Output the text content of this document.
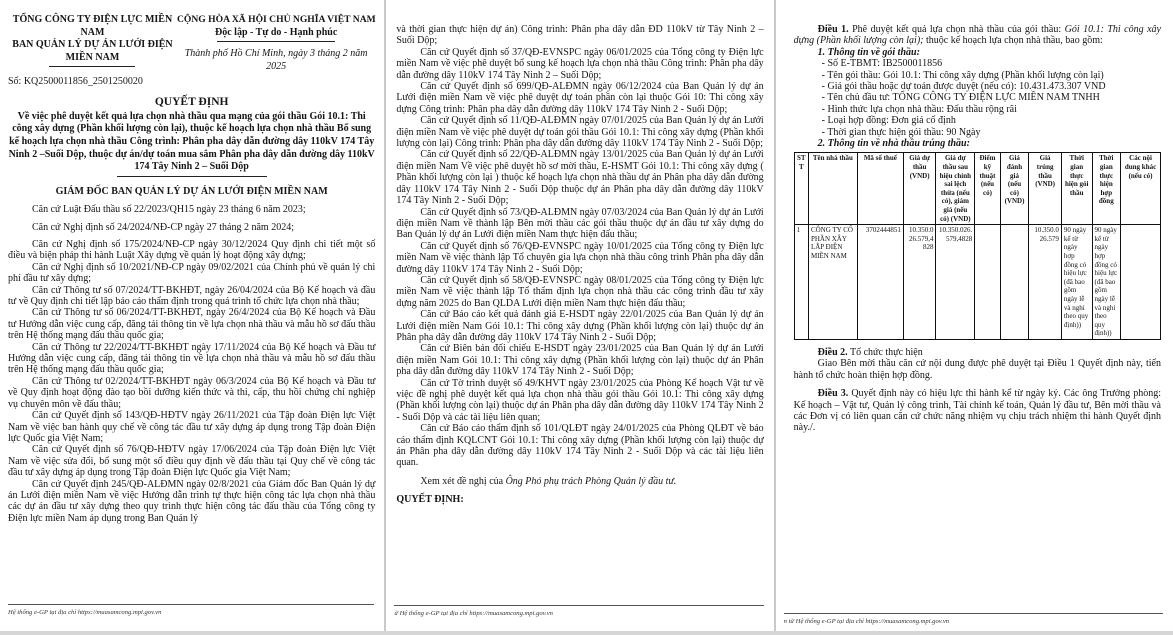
TỔNG CÔNG TY ĐIỆN LỰC MIỀN NAM
BAN QUẢN LÝ DỰ ÁN LƯỚI ĐIỆN MIỀN NAM
Số: KQ2500011856_2501250020
CỘNG HÒA XÃ HỘI CHỦ NGHĨA VIỆT NAM
Độc lập - Tự do - Hạnh phúc
Thành phố Hồ Chí Minh, ngày 3 tháng 2 năm 2025
QUYẾT ĐỊNH
Về việc phê duyệt kết quả lựa chọn nhà thầu qua mạng của gói thầu Gói 10.1: Thi công xây dựng (Phần khối lượng còn lại), thuộc kế hoạch lựa chọn nhà thầu Bổ sung kế hoạch lựa chọn nhà thầu Công trình: Phân pha dây dẫn đường dây 110kV 174 Tây Ninh 2 –Suối Dộp, thuộc dự án/dự toán mua sắm Phân pha dây dẫn đường dây 110kV 174 Tây Ninh 2 – Suối Dộp
GIÁM ĐỐC BAN QUẢN LÝ DỰ ÁN LƯỚI ĐIỆN MIỀN NAM

Căn cứ Luật Đấu thầu số 22/2023/QH15 ngày 23 tháng 6 năm 2023;

Căn cứ Nghị định số 24/2024/NĐ-CP ngày 27 tháng 2 năm 2024;

Căn cứ Nghị định số 175/2024/NĐ-CP ngày 30/12/2024 Quy định chi tiết một số điều và biện pháp thi hành Luật Xây dựng về quản lý hoạt động xây dựng;

Căn cứ Nghị định số 10/2021/NĐ-CP ngày 09/02/2021 của Chính phủ về quản lý chi phí đầu tư xây dựng;

Căn cứ Thông tư số 07/2024/TT-BKHĐT, ngày 26/04/2024 của Bộ Kế hoạch và đầu tư về Quy định chi tiết lập báo cáo thẩm định trong quá trình tổ chức lựa chọn nhà thầu;

Căn cứ Thông tư số 06/2024/TT-BKHĐT, ngày 26/4/2024 của Bộ Kế hoạch và Đầu tư Hướng dẫn việc cung cấp, đăng tải thông tin về lựa chọn nhà thầu và mẫu hồ sơ đấu thầu trên Hệ thống mạng đấu thầu quốc gia;

Căn cứ Thông tư 22/2024/TT-BKHĐT ngày 17/11/2024 của Bộ Kế hoạch và Đầu tư Hướng dẫn việc cung cấp, đăng tải thông tin về lựa chọn nhà thầu và mẫu hồ sơ đấu thầu trên Hệ thống mạng đấu thầu quốc gia;

Căn cứ Thông tư 02/2024/TT-BKHĐT ngày 06/3/2024 của Bộ Kế hoạch và Đầu tư về Quy định hoạt động đào tạo bồi dưỡng kiến thức và thi, cấp, thu hồi chứng chỉ nghiệp vụ chuyên môn về đấu thầu;

Căn cứ Quyết định số 143/QĐ-HĐTV ngày 26/11/2021 của Tập đoàn Điện lực Việt Nam về việc ban hành quy chế về công tác đầu tư xây dựng áp dụng trong Tập đoàn Điện lực Quốc gia Việt Nam;

Căn cứ Quyết định số 76/QĐ-HĐTV ngày 17/06/2024 của Tập đoàn Điện lực Việt Nam về việc sửa đổi, bổ sung một số điều quy định về đấu thầu tại Quy chế về công tác đầu tư xây dựng áp dụng trong Tập đoàn Điện lực Quốc gia Việt Nam;

Căn cứ Quyết định 245/QĐ-ALĐMN ngày 02/8/2021 của Giám đốc Ban Quản lý dự án Lưới điện miền Nam về việc Hướng dẫn trình tự thực hiện công tác lựa chọn nhà thầu các dự án đầu tư xây dựng theo quy trình thực hiện công tác đấu thầu của Tổng công ty Điện lực miền Nam áp dụng trong Ban Quản lý

Hệ thống e-GP tại địa chỉ https://muasamcong.mpi.gov.vn

và thời gian thực hiện dự án) Công trình: Phân pha dây dẫn ĐD 110kV từ Tây Ninh 2 – Suối Dộp;

Căn cứ Quyết định số 37/QĐ-EVNSPC ngày 06/01/2025 của Tổng công ty Điện lực miền Nam về việc phê duyệt bổ sung kế hoạch lựa chọn nhà thầu Công trình: Phân pha dây dẫn đường dây 110kV 174 Tây Ninh 2 – Suối Dộp;

Căn cứ Quyết định số 699/QĐ-ALĐMN ngày 06/12/2024 của Ban Quản lý dự án Lưới điện miền Nam về việc phê duyệt dự toán phần còn lại thuộc Gói 10: Thi công xây dựng Công trình: Phân pha dây dẫn đường dây 110kV 174 Tây Ninh 2 - Suối Dộp;

Căn cứ Quyết định số 11/QĐ-ALĐMN ngày 07/01/2025 của Ban Quản lý dự án Lưới điện miền Nam về việc phê duyệt dự toán gói thầu Gói 10.1: Thi công xây dựng (Phần khối lượng còn lại) Công trình: Phân pha dây dẫn đường dây 110kV 174 Tây Ninh 2 - Suối Dộp;

Căn cứ Quyết định số 22/QĐ-ALĐMN ngày 13/01/2025 của Ban Quản lý dự án Lưới điện miền Nam Về việc phê duyệt hồ sơ mời thầu, E-HSMT Gói 10.1: Thi công xây dựng ( Phần khối lượng còn lại ) thuộc kế hoạch lựa chọn nhà thầu dự án Phân pha dây dẫn đường dây 110kV 174 Tây Ninh 2 - Suối Dộp thuộc dự án Phân pha dây dẫn đường dây 110kV 174 Tây Ninh 2 - Suối Dộp;

Căn cứ Quyết định số 73/QĐ-ALĐMN ngày 07/03/2024 của Ban Quản lý dự án Lưới điện miền Nam về thành lập Bên mời thầu các gói thầu thuộc dự án đầu tư xây dựng do Ban Quản lý dự án Lưới điện miền Nam thực hiện đấu thầu;

Căn cứ Quyết định số 76/QĐ-EVNSPC ngày 10/01/2025 của Tổng công ty Điện lực miền Nam về việc thành lập Tổ chuyên gia lựa chọn nhà thầu công trình Phân pha dây dẫn đường dây 110kV 174 Tây Ninh 2 - Suối Dộp;

Căn cứ Quyết định số 58/QĐ-EVNSPC ngày 08/01/2025 của Tổng công ty Điện lực miền Nam về việc thành lập Tổ thẩm định lựa chọn nhà thầu các công trình đầu tư xây dựng năm 2025 do Ban QLDA Lưới điện miền Nam thực hiện đấu thầu;

Căn cứ Báo cáo kết quả đánh giá E-HSDT ngày 22/01/2025 của Ban Quản lý dự án Lưới điện miền Nam Gói 10.1: Thi công xây dựng (Phần khối lượng còn lại) thuộc dự án Phân pha dây dẫn đường dây 110kV 174 Tây Ninh 2 - Suối Dộp;

Căn cứ Biên bản đối chiếu E-HSDT ngày 23/01/2025 của Ban Quản lý dự án Lưới điện miền Nam Gói 10.1: Thi công xây dựng (Phần khối lượng còn lại) thuộc dự án Phân pha dây dẫn đường dây 110kV 174 Tây Ninh 2 - Suối Dộp;

Căn cứ Tờ trình duyệt số 49/KHVT ngày 23/01/2025 của Phòng Kế hoạch Vật tư về việc đề nghị phê duyệt kết quả lựa chọn nhà thầu gói thầu Gói 10.1: Thi công xây dựng (Phần khối lượng còn lại) thuộc dự án Phân pha dây dẫn đường dây 110kV 174 Tây Ninh 2 - Suối Dộp và các tài liệu liên quan;

Căn cứ Báo cáo thẩm định số 101/QLĐT ngày 24/01/2025 của Phòng QLĐT về báo cáo thẩm định KQLCNT Gói 10.1: Thi công xây dựng (Phần khối lượng còn lại) thuộc dự án Phân pha dây dẫn đường dây 110kV 174 Tây Ninh 2 - Suối Dộp và các tài liệu liên quan.

Xem xét đề nghị của Ông Phó phụ trách Phòng Quản lý đầu tư.

QUYẾT ĐỊNH:

ừ Hệ thống e-GP tại địa chỉ https://muasamcong.mpi.gov.vn

Điều 1. Phê duyệt kết quả lựa chọn nhà thầu của gói thầu: Gói 10.1: Thi công xây dựng (Phần khối lượng còn lại); thuộc kế hoạch lựa chọn nhà thầu, bao gồm:

1. Thông tin về gói thầu:

- Số E-TBMT: IB2500011856

- Tên gói thầu: Gói 10.1: Thi công xây dựng (Phần khối lượng còn lại)

- Giá gói thầu hoặc dự toán được duyệt (nếu có): 10.431.473.307 VND

- Tên chủ đầu tư: TỔNG CÔNG TY ĐIỆN LỰC MIỀN NAM TNHH

- Hình thức lựa chọn nhà thầu: Đấu thầu rộng rãi

- Loại hợp đồng: Đơn giá cố định

- Thời gian thực hiện gói thầu: 90 Ngày

2. Thông tin về nhà thầu trúng thầu:

STT	Tên nhà thầu	Mã số thuế	Giá dự thầu (VND)	Giá dự thầu sau hiệu chỉnh sai lệch thừa (nếu có), giảm giá (nếu có) (VND)	Điểm kỹ thuật (nếu có)	Giá đánh giá (nếu có) (VND)	Giá trúng thầu (VND)	Thời gian thực hiện gói thầu	Thời gian thực hiện hợp đồng	Các nội dung khác (nếu có)
1	CÔNG TY CỔ PHẦN XÂY LẮP ĐIỆN MIỀN NAM	3702444851	10.350.026.579,4828	10.350.026.579,4828			10.350.026.579	90 ngày kể từ ngày hợp đồng có hiệu lực (đã bao gồm ngày lễ và nghỉ theo quy định))	90 ngày kể từ ngày hợp đồng có hiệu lực (đã bao gồm ngày lễ và nghỉ theo quy định))	

Điều 2. Tổ chức thực hiện

Giao Bên mời thầu căn cứ nội dung được phê duyệt tại Điều 1 Quyết định này, tiến hành tổ chức hoàn thiện hợp đồng.

Điều 3. Quyết định này có hiệu lực thi hành kể từ ngày ký. Các ông Trưởng phòng: Kế hoạch – Vật tư, Quản lý công trình, Tài chính kế toán, Quản lý đầu tư, Bên mời thầu và các Đơn vị có liên quan căn cứ chức năng nhiệm vụ chịu trách nhiệm thi hành Quyết định này./.

n từ Hệ thống e-GP tại địa chỉ https://muasamcong.mpi.gov.vn
